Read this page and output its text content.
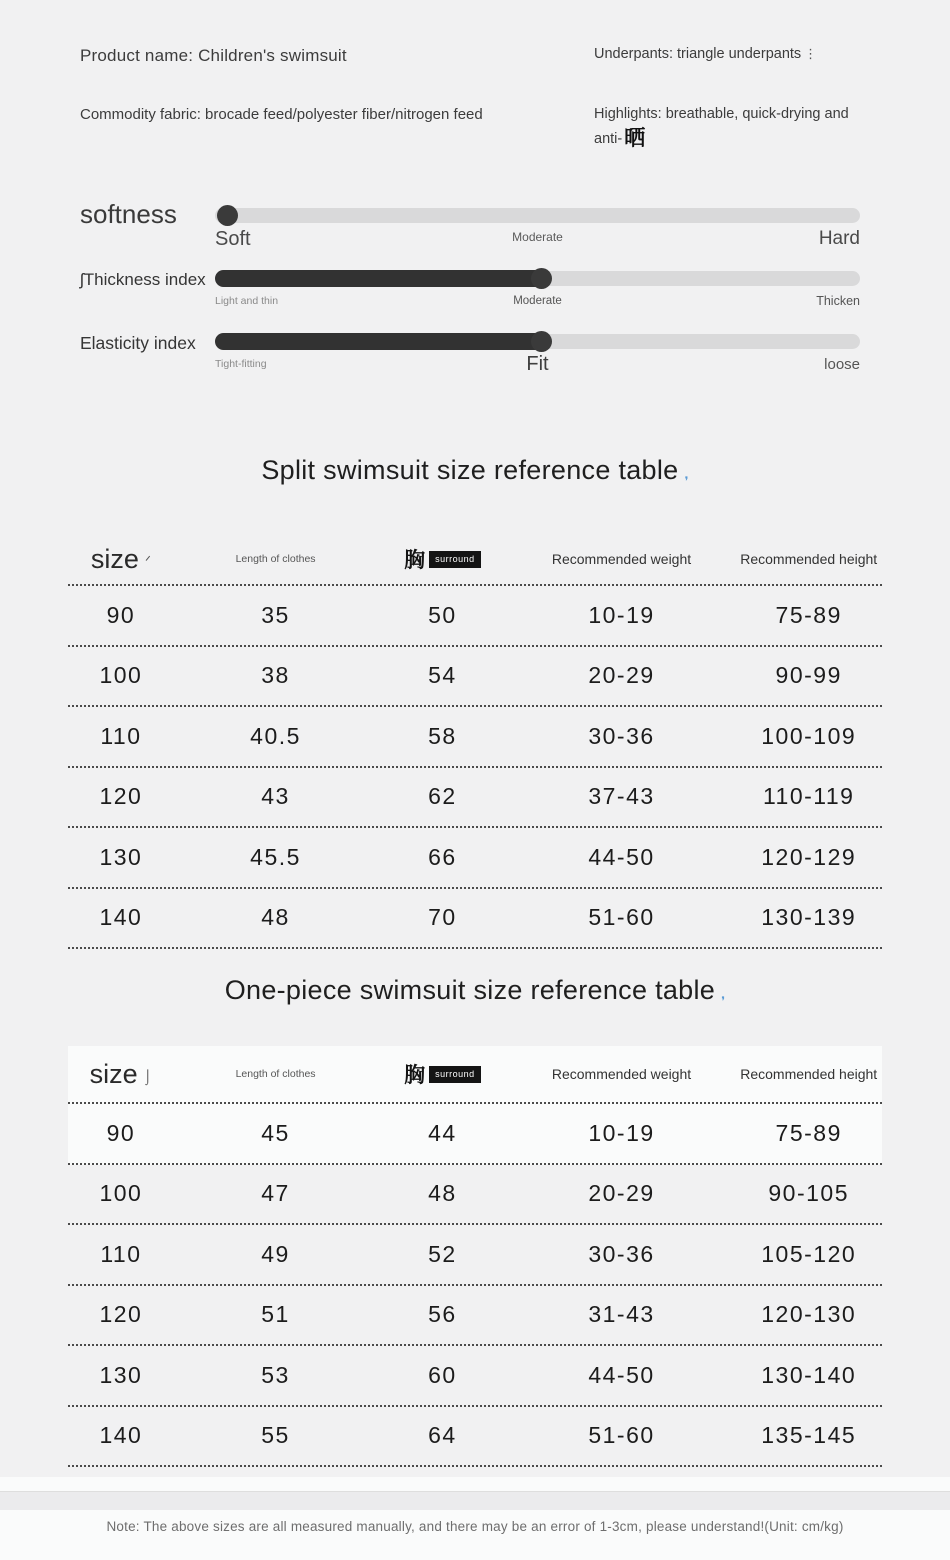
Product name: Children's swimsuit	Underpants: triangle underpants ⋮
Commodity fabric: brocade feed/polyester fiber/nitrogen feed	Highlights: breathable, quick-drying and anti-晒
softness
Soft	Moderate	Hard
ʃThickness index
Light and thin	Moderate	Thicken
Elasticity index
Tight-fitting	Fit	loose
Split swimsuit size reference table $_❜$
size ᐟ	Length of clothes	胸	surround	Recommended weight	Recommended height
90	35	50	10-19	75-89
100	38	54	20-29	90-99
110	40.5	58	30-36	100-109
120	43	62	37-43	110-119
130	45.5	66	44-50	120-129
140	48	70	51-60	130-139
One-piece swimsuit size reference table $_❜$
size ⌡	Length of clothes	胸	surround	Recommended weight	Recommended height
90	45	44	10-19	75-89
100	47	48	20-29	90-105
110	49	52	30-36	105-120
120	51	56	31-43	120-130
130	53	60	44-50	130-140
140	55	64	51-60	135-145
Note: The above sizes are all measured manually, and there may be an error of 1-3cm, please understand!(Unit: cm/kg)
